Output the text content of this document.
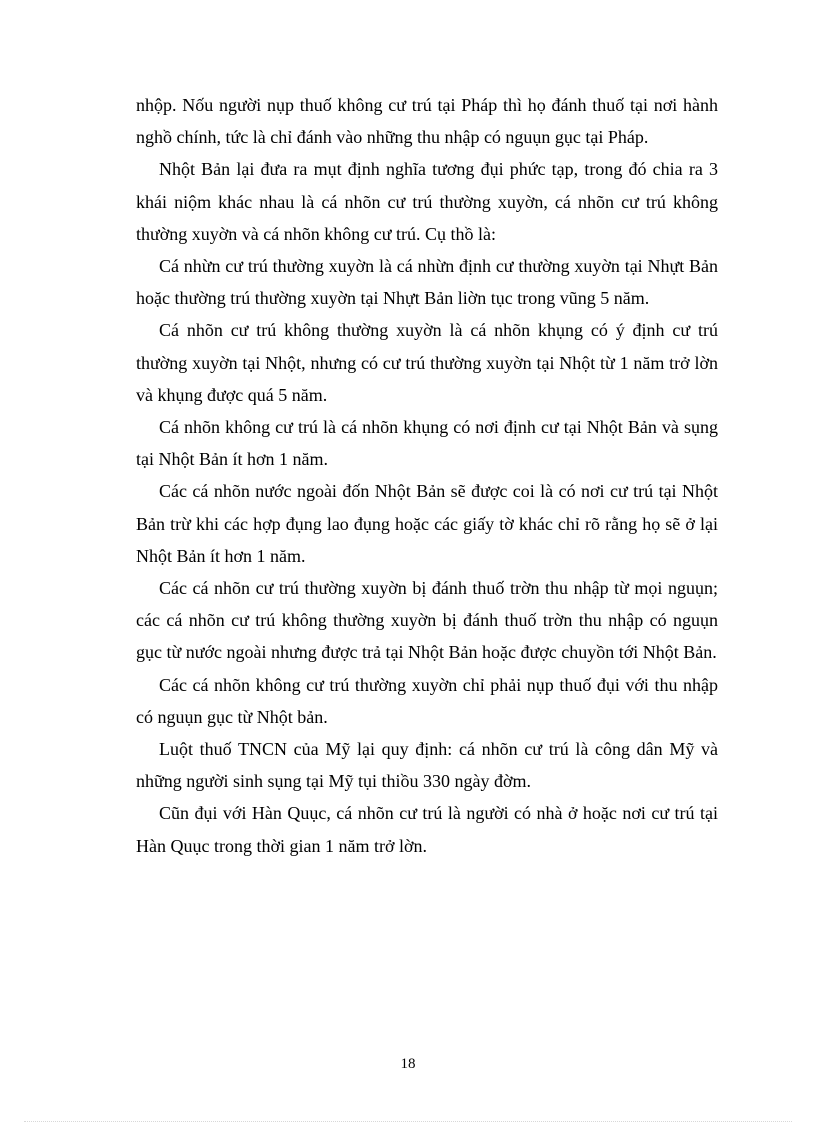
nhộp. Nốu người nụp thuố không cư trú tại Pháp thì họ đánh thuố tại nơi hành nghồ chính, tức là chỉ đánh vào những thu nhập có nguụn gục tại Pháp.

Nhột Bản lại đưa ra mụt định nghĩa tương đụi phức tạp, trong đó chia ra 3 khái niộm khác nhau là cá nhõn cư trú thường xuyờn, cá nhõn cư trú không thường xuyờn và cá nhõn không cư trú. Cụ thồ là:

Cá nhừn cư trú thường xuyờn là cá nhừn định cư thường xuyờn tại Nhựt Bản hoặc thường trú thường xuyờn tại Nhựt Bản liờn tục trong vũng 5 năm.

Cá nhõn cư trú không thường xuyờn là cá nhõn khụng có ý định cư trú thường xuyờn tại Nhột, nhưng có cư trú thường xuyờn tại Nhột từ 1 năm trở lờn và khụng được quá 5 năm.

Cá nhõn không cư trú là cá nhõn khụng có nơi định cư tại Nhột Bản và sụng tại Nhột Bản ít hơn 1 năm.

Các cá nhõn nước ngoài đốn Nhột Bản sẽ được coi là có nơi cư trú tại Nhột Bản trừ khi các hợp đụng lao đụng hoặc các giấy tờ khác chỉ rõ rằng họ sẽ ở lại Nhột Bản ít hơn 1 năm.

Các cá nhõn cư trú thường xuyờn bị đánh thuố trờn thu nhập từ mọi nguụn; các cá nhõn cư trú không thường xuyờn bị đánh thuố trờn thu nhập có nguụn gục từ nước ngoài nhưng được trả tại Nhột Bản hoặc được chuyồn tới Nhột Bản.

Các cá nhõn không cư trú thường xuyờn chỉ phải nụp thuố đụi với thu nhập có nguụn gục từ Nhột bản.

Luột thuố TNCN của Mỹ lại quy định: cá nhõn cư trú là công dân Mỹ và những người sinh sụng tại Mỹ tụi thiồu 330 ngày đờm.

Cũn đụi với Hàn Quục, cá nhõn cư trú là người có nhà ở hoặc nơi cư trú tại Hàn Quục trong thời gian 1 năm trở lờn.

18
